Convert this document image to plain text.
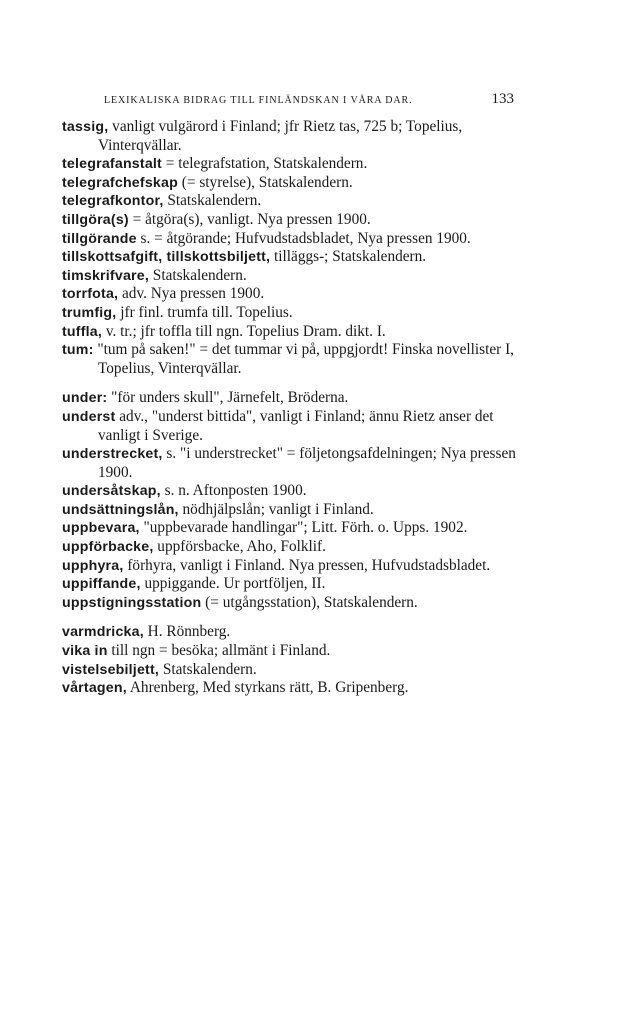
LEXIKALISKA BIDRAG TILL FINLÄNDSKAN I VÅRA DAR.	133

tassig, vanligt vulgärord i Finland; jfr Rietz tas, 725 b; Topelius, Vinterqvällar.

telegrafanstalt = telegrafstation, Statskalendern.

telegrafchefskap (= styrelse), Statskalendern.

telegrafkontor, Statskalendern.

tillgöra(s) = åtgöra(s), vanligt. Nya pressen 1900.

tillgörande s. = åtgörande; Hufvudstadsbladet, Nya pressen 1900.

tillskottsafgift, tillskottsbiljett, tilläggs-; Statskalendern.

timskrifvare, Statskalendern.

torrfota, adv. Nya pressen 1900.

trumfig, jfr finl. trumfa till. Topelius.

tuffla, v. tr.; jfr toffla till ngn. Topelius Dram. dikt. I.

tum: "tum på saken!" = det tummar vi på, uppgjordt! Finska novellister I, Topelius, Vinterqvällar.

under: "för unders skull", Järnefelt, Bröderna.

underst adv., "underst bittida", vanligt i Finland; ännu Rietz anser det vanligt i Sverige.

understrecket, s. "i understrecket" = följetongsafdelningen; Nya pressen 1900.

undersåtskap, s. n. Aftonposten 1900.

undsättningslån, nödhjälpslån; vanligt i Finland.

uppbevara, "uppbevarade handlingar"; Litt. Förh. o. Upps. 1902.

uppförbacke, uppförsbacke, Aho, Folklif.

upphyra, förhyra, vanligt i Finland. Nya pressen, Hufvudstadsbladet.

uppiffande, uppiggande. Ur portföljen, II.

uppstigningsstation (= utgångsstation), Statskalendern.

varmdricka, H. Rönnberg.

vika in till ngn = besöka; allmänt i Finland.

vistelsebiljett, Statskalendern.

vårtagen, Ahrenberg, Med styrkans rätt, B. Gripenberg.
